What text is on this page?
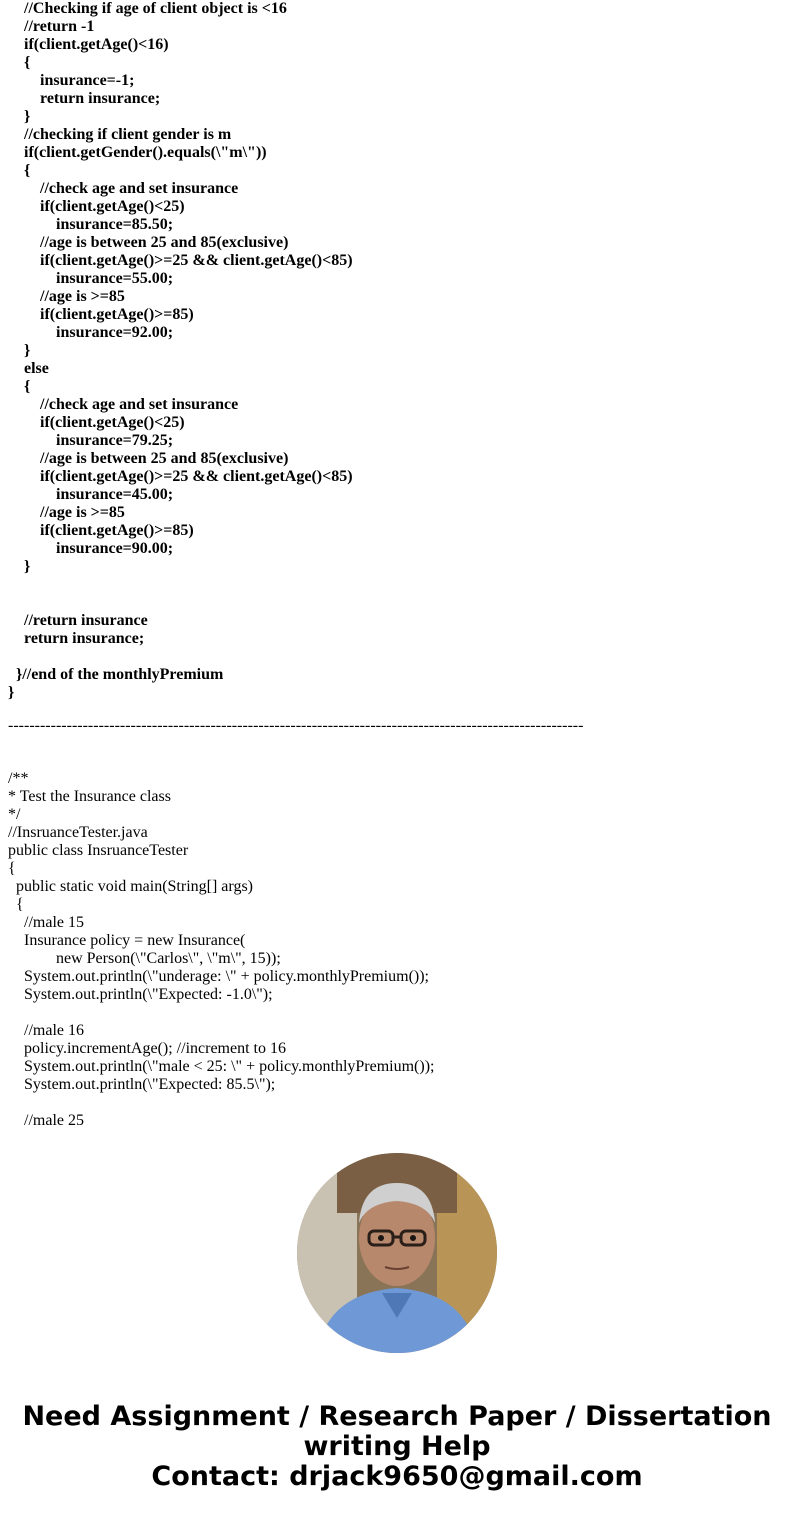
//Checking if age of client object is <16
//return -1
if(client.getAge()<16)
{
insurance=-1;
return insurance;
}
//checking if client gender is m
if(client.getGender().equals(\"m\"))
{
//check age and set insurance
if(client.getAge()<25)
insurance=85.50;
//age is between 25 and 85(exclusive)
if(client.getAge()>=25 && client.getAge()<85)
insurance=55.00;
//age is >=85
if(client.getAge()>=85)
insurance=92.00;
}
else
{
//check age and set insurance
if(client.getAge()<25)
insurance=79.25;
//age is between 25 and 85(exclusive)
if(client.getAge()>=25 && client.getAge()<85)
insurance=45.00;
//age is >=85
if(client.getAge()>=85)
insurance=90.00;
}
//return insurance
return insurance;
}//end of the monthlyPremium
}
------------------------------------------------------------------------------------------------------------
/**
* Test the Insurance class
*/
//InsruanceTester.java
public class InsruanceTester
{
public static void main(String[] args)
{
//male 15
Insurance policy = new Insurance(
new Person(\"Carlos\", \"m\", 15));
System.out.println(\"underage: \" + policy.monthlyPremium());
System.out.println(\"Expected: -1.0\");
//male 16
policy.incrementAge(); //increment to 16
System.out.println(\"male < 25: \" + policy.monthlyPremium());
System.out.println(\"Expected: 85.5\");
//male 25
Need Assignment / Research Paper / Dissertation
writing Help
Contact: drjack9650@gmail.com
